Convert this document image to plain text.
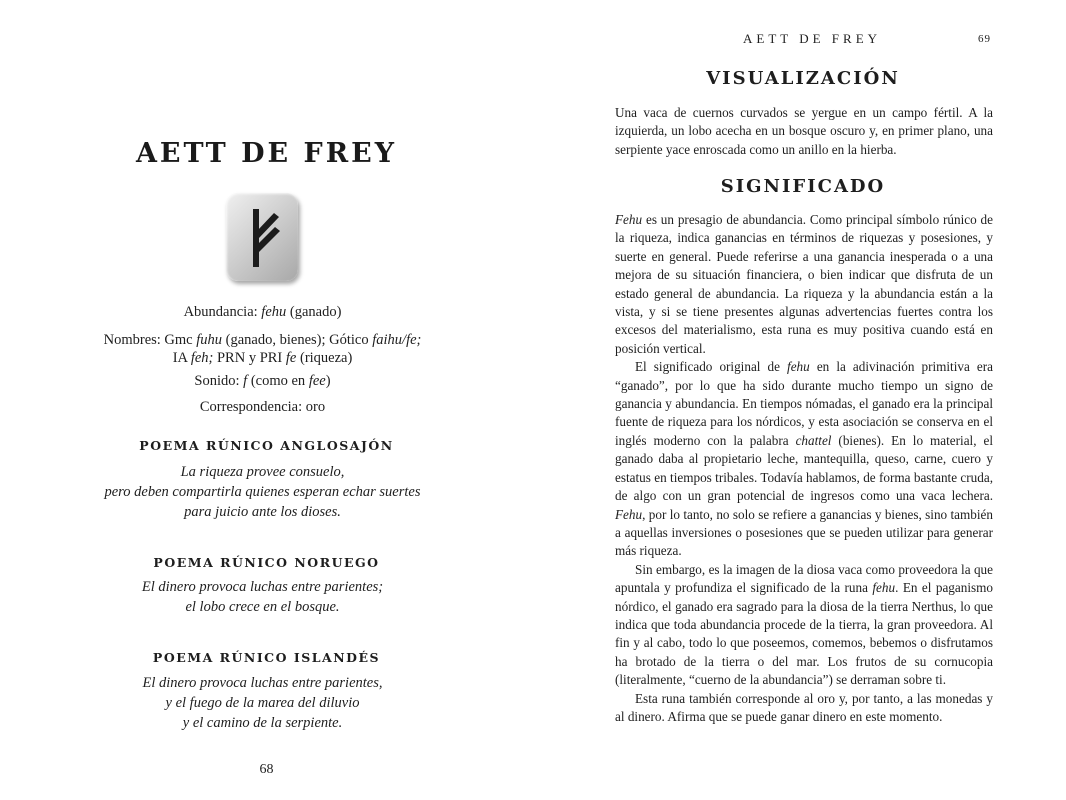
AETT DE FREY
Abundancia: fehu (ganado)
Nombres: Gmc fuhu (ganado, bienes); Gótico faihu/fe;
IA feh; PRN y PRI fe (riqueza)
Sonido: f (como en fee)
Correspondencia: oro
POEMA RÚNICO ANGLOSAJÓN
La riqueza provee consuelo,
pero deben compartirla quienes esperan echar suertes
para juicio ante los dioses.
POEMA RÚNICO NORUEGO
El dinero provoca luchas entre parientes;
el lobo crece en el bosque.
POEMA RÚNICO ISLANDÉS
El dinero provoca luchas entre parientes,
y el fuego de la marea del diluvio
y el camino de la serpiente.
68
AETT DE FREY	69
VISUALIZACIÓN

Una vaca de cuernos curvados se yergue en un campo fértil. A la izquierda, un lobo acecha en un bosque oscuro y, en primer plano, una serpiente yace enroscada como un anillo en la hierba.

SIGNIFICADO

Fehu es un presagio de abundancia. Como principal símbolo rúnico de la riqueza, indica ganancias en términos de riquezas y posesiones, y suerte en general. Puede referirse a una ganancia inesperada o a una mejora de su situación financiera, o bien indicar que disfruta de un estado general de abundancia. La riqueza y la abundancia están a la vista, y si se tiene presentes algunas advertencias fuertes contra los excesos del materialismo, esta runa es muy positiva cuando está en posición vertical.

El significado original de fehu en la adivinación primitiva era “ganado”, por lo que ha sido durante mucho tiempo un signo de ganancia y abundancia. En tiempos nómadas, el ganado era la principal fuente de riqueza para los nórdicos, y esta asociación se conserva en el inglés moderno con la palabra chattel (bienes). En lo material, el ganado daba al propietario leche, mantequilla, queso, carne, cuero y estatus en tiempos tribales. Todavía hablamos, de forma bastante cruda, de algo con un gran potencial de ingresos como una vaca lechera. Fehu, por lo tanto, no solo se refiere a ganancias y bienes, sino también a aquellas inversiones o posesiones que se pueden utilizar para generar más riqueza.

Sin embargo, es la imagen de la diosa vaca como proveedora la que apuntala y profundiza el significado de la runa fehu. En el paganismo nórdico, el ganado era sagrado para la diosa de la tierra Nerthus, lo que indica que toda abundancia procede de la tierra, la gran proveedora. Al fin y al cabo, todo lo que poseemos, comemos, bebemos o disfrutamos ha brotado de la tierra o del mar. Los frutos de su cornucopia (literalmente, “cuerno de la abundancia”) se derraman sobre ti.

Esta runa también corresponde al oro y, por tanto, a las monedas y al dinero. Afirma que se puede ganar dinero en este momento.
